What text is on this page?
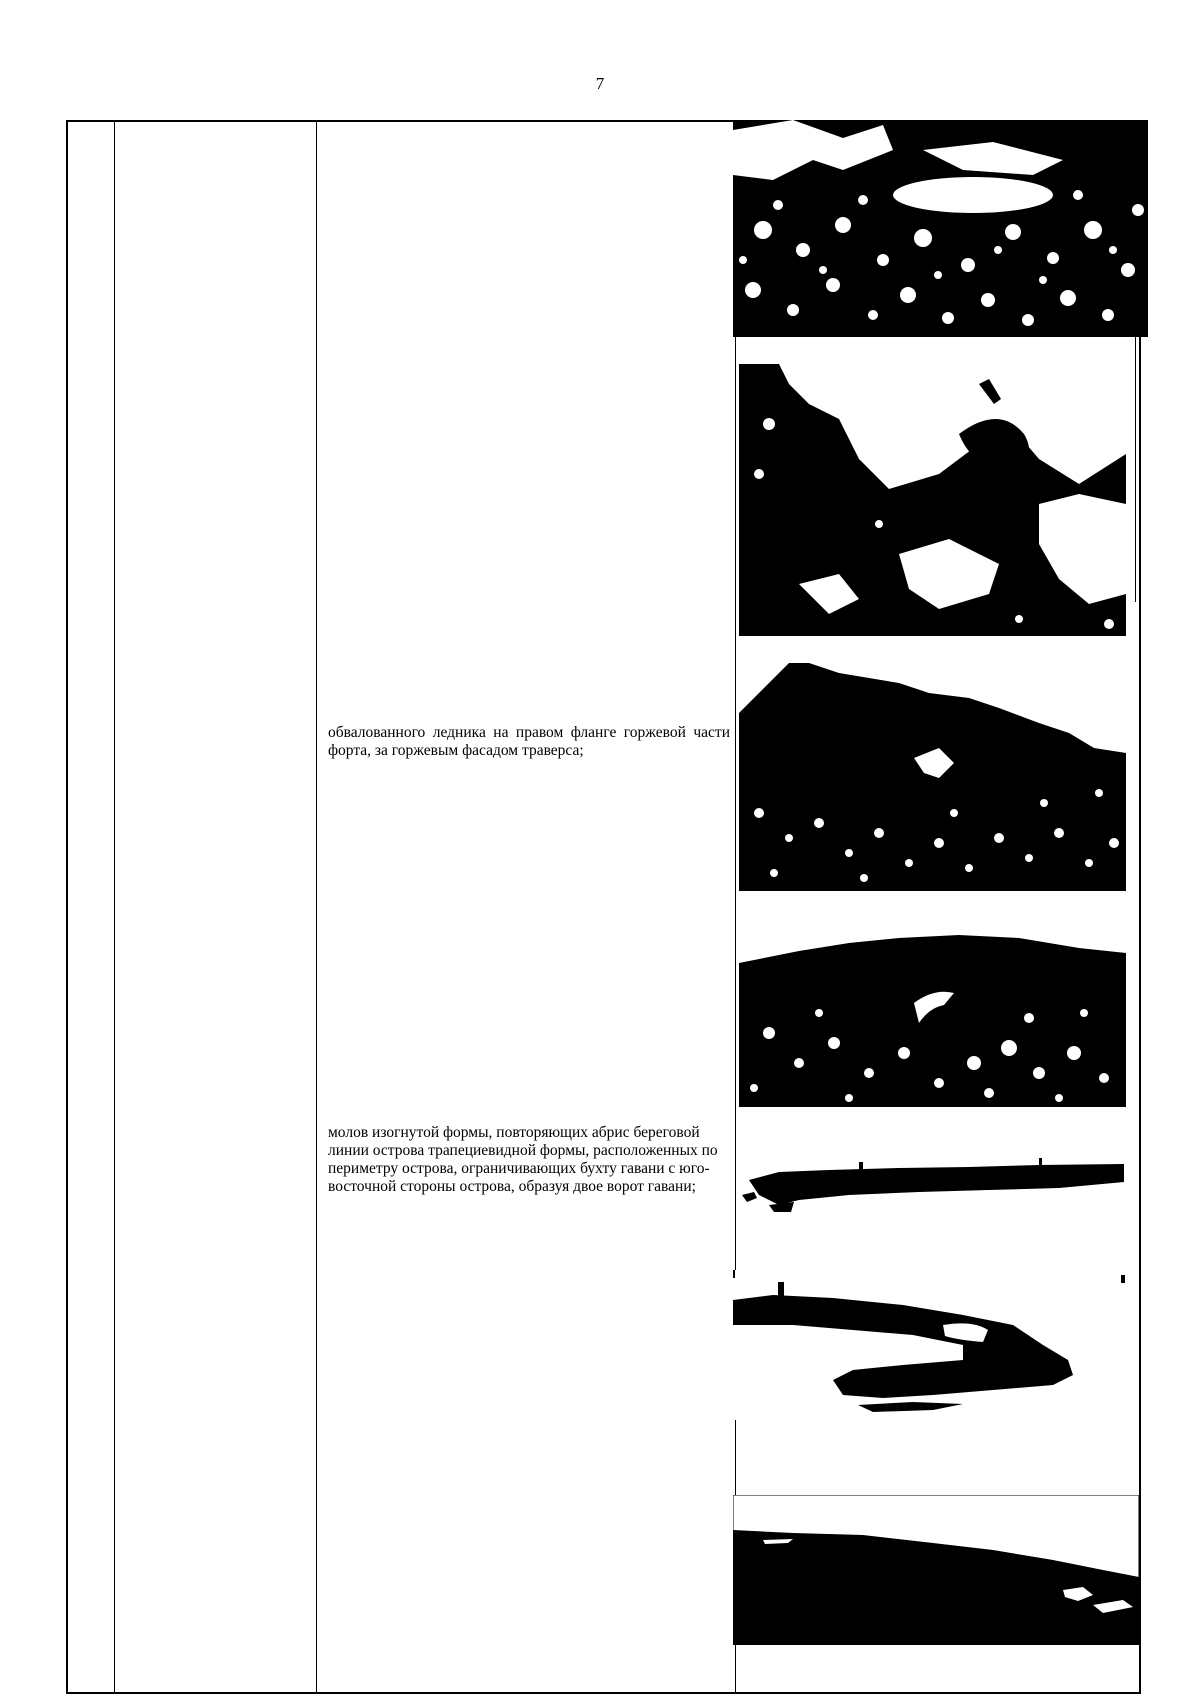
7
обвалованного ледника на правом фланге горжевой части форта, за горжевым фасадом траверса;
молов изогнутой формы, повторяющих абрис береговой линии острова трапециевидной формы, расположенных по периметру острова, ограничивающих бухту гавани с юго-восточной стороны острова, образуя двое ворот гавани;
